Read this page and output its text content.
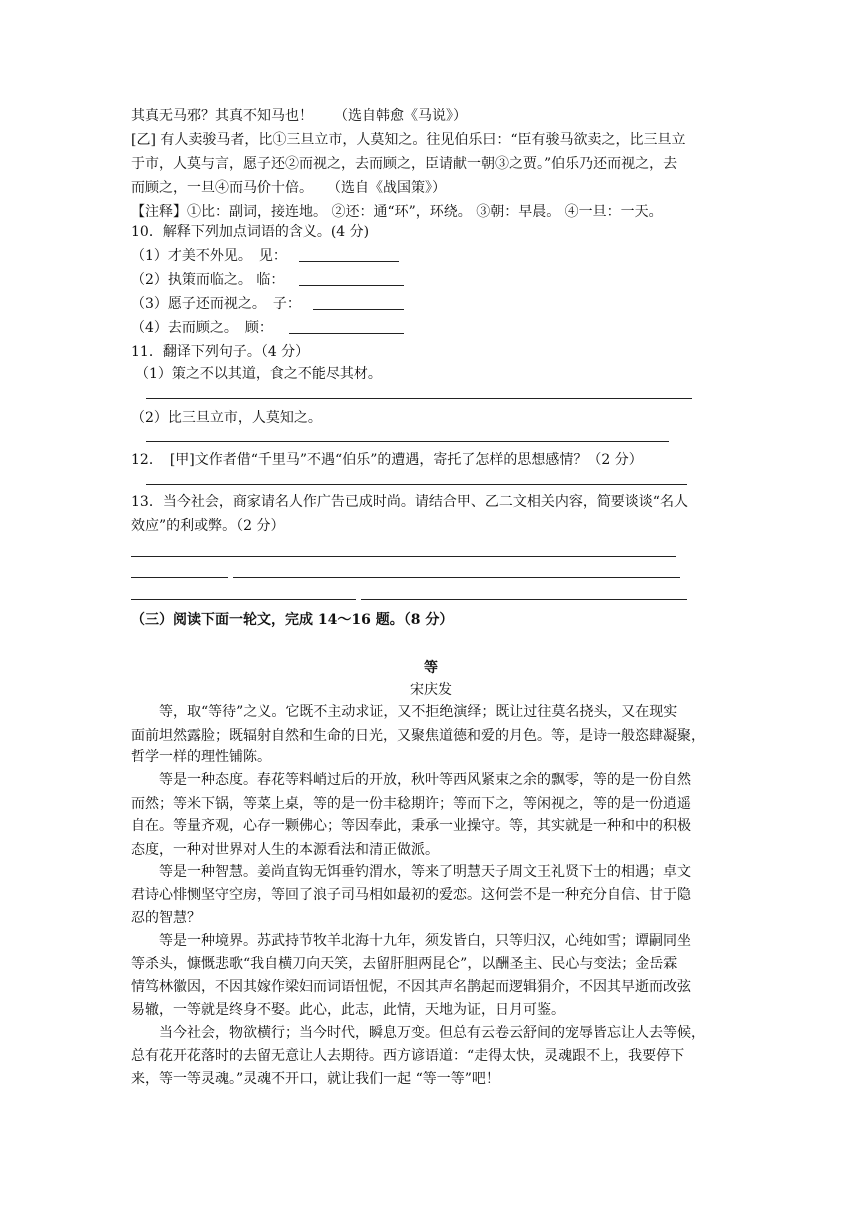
其真无马邪？其真不知马也！　　（选自韩愈《马说》）
[乙] 有人卖骏马者，比①三旦立市，人莫知之。往见伯乐曰：“臣有骏马欲卖之，比三旦立
于市，人莫与言，愿子还②而视之，去而顾之，臣请献一朝③之贾。”伯乐乃还而视之，去
而顾之，一旦④而马价十倍。　　（选自《战国策》）
【注释】①比：副词，接连地。 ②还：通“环”，环绕。 ③朝：早晨。 ④一旦：一天。
10．解释下列加点词语的含义。(4 分)
（1）才美不外见。　见：
（2）执策而临之。 临：
（3）愿子还而视之。　子：
（4）去而顾之。　顾：
11．翻译下列句子。（4 分）
（1）策之不以其道，食之不能尽其材。
（2）比三旦立市，人莫知之。
12．　[甲]文作者借“千里马”不遇“伯乐”的遭遇，寄托了怎样的思想感情？（2 分）
13．当今社会，商家请名人作广告已成时尚。请结合甲、乙二文相关内容，简要谈谈“名人
效应”的利或弊。（2 分）
（三）阅读下面一轮文，完成 14～16 题。（8 分）
等
宋庆发
　　等，取“等待”之义。它既不主动求证，又不拒绝演绎；既让过往莫名挠头，又在现实
面前坦然露脸；既辐射自然和生命的日光，又聚焦道德和爱的月色。等，是诗一般恣肆凝聚，
哲学一样的理性铺陈。
　　等是一种态度。春花等料峭过后的开放，秋叶等西风紧束之余的飘零，等的是一份自然
而然；等米下锅，等菜上桌，等的是一份丰稔期许；等而下之，等闲视之，等的是一份逍遥
自在。等量齐观，心存一颗佛心；等因奉此，秉承一业操守。等，其实就是一种和中的积极
态度，一种对世界对人生的本源看法和清正做派。
　　等是一种智慧。姜尚直钩无饵垂钓渭水，等来了明慧天子周文王礼贤下士的相遇；卓文
君诗心悱恻坚守空房，等回了浪子司马相如最初的爱恋。这何尝不是一种充分自信、甘于隐
忍的智慧？
　　等是一种境界。苏武持节牧羊北海十九年，须发皆白，只等归汉，心纯如雪；谭嗣同坐
等杀头，慷慨悲歌“我自横刀向天笑，去留肝胆两昆仑”，以酬圣主、民心与变法；金岳霖
情笃林徽因，不因其嫁作梁妇而词语忸怩，不因其声名鹊起而逻辑狷介，不因其早逝而改弦
易辙，一等就是终身不娶。此心，此志，此情，天地为证，日月可鉴。
　　当今社会，物欲横行；当今时代，瞬息万变。但总有云卷云舒间的宠辱皆忘让人去等候，
总有花开花落时的去留无意让人去期待。西方谚语道：“走得太快，灵魂跟不上，我要停下
来，等一等灵魂。”灵魂不开口，就让我们一起 “等一等”吧！
